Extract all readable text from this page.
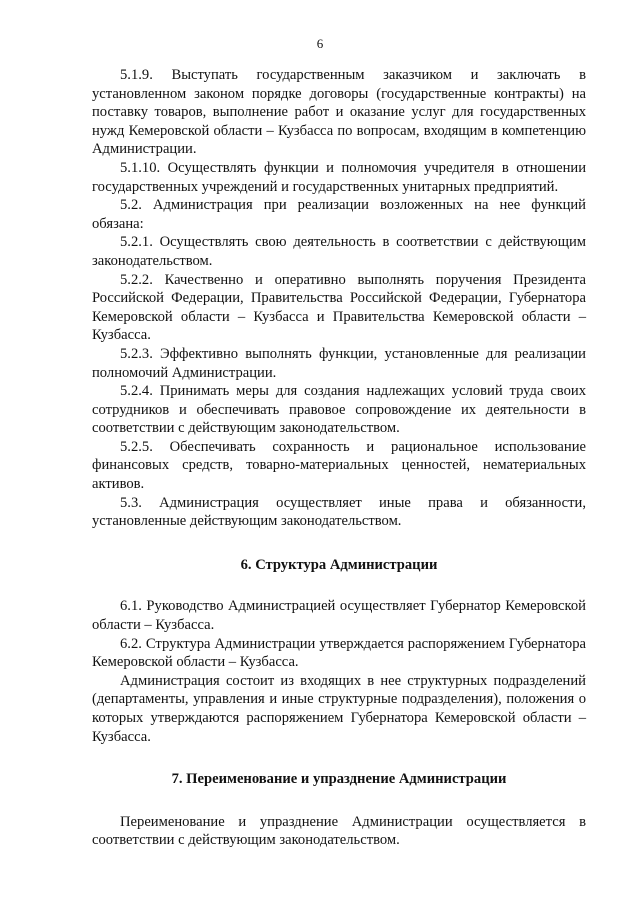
6

5.1.9. Выступать государственным заказчиком и заключать в установленном законом порядке договоры (государственные контракты) на поставку товаров, выполнение работ и оказание услуг для государственных нужд Кемеровской области – Кузбасса по вопросам, входящим в компетенцию Администрации.

5.1.10. Осуществлять функции и полномочия учредителя в отношении государственных учреждений и государственных унитарных предприятий.

5.2. Администрация при реализации возложенных на нее функций обязана:

5.2.1. Осуществлять свою деятельность в соответствии с действующим законодательством.

5.2.2. Качественно и оперативно выполнять поручения Президента Российской Федерации, Правительства Российской Федерации, Губернатора Кемеровской области – Кузбасса и Правительства Кемеровской области – Кузбасса.

5.2.3. Эффективно выполнять функции, установленные для реализации полномочий Администрации.

5.2.4. Принимать меры для создания надлежащих условий труда своих сотрудников и обеспечивать правовое сопровождение их деятельности в соответствии с действующим законодательством.

5.2.5. Обеспечивать сохранность и рациональное использование финансовых средств, товарно-материальных ценностей, нематериальных активов.

5.3. Администрация осуществляет иные права и обязанности, установленные действующим законодательством.

6. Структура Администрации

6.1. Руководство Администрацией осуществляет Губернатор Кемеровской области – Кузбасса.

6.2. Структура Администрации утверждается распоряжением Губернатора Кемеровской области – Кузбасса.

Администрация состоит из входящих в нее структурных подразделений (департаменты, управления и иные структурные подразделения), положения о которых утверждаются распоряжением Губернатора Кемеровской области – Кузбасса.

7. Переименование и упразднение Администрации

Переименование и упразднение Администрации осуществляется в соответствии с действующим законодательством.
